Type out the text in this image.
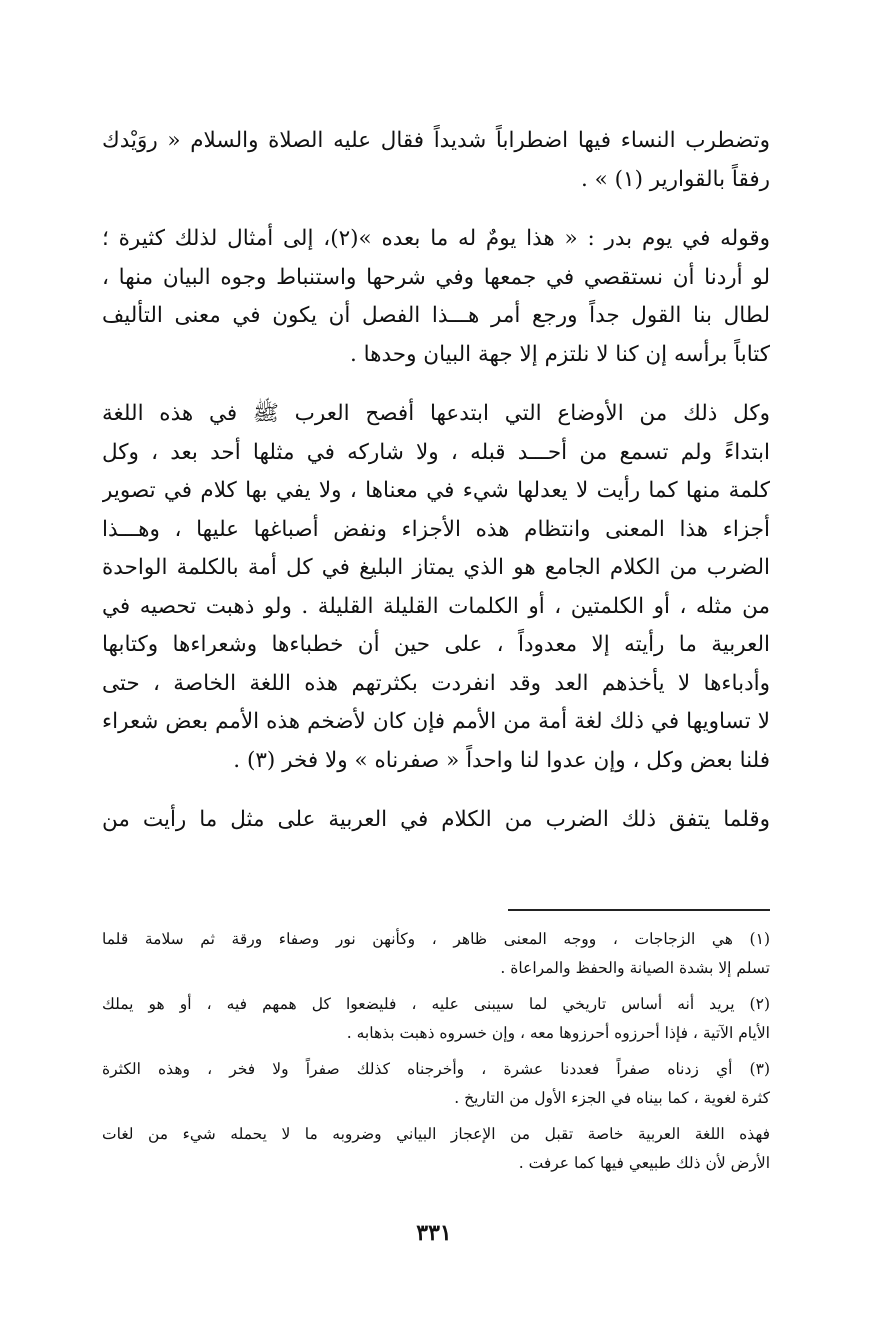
وتضطرب النساء فيها اضطراباً شديداً فقال عليه الصلاة والسلام « روَيْدك
رفقاً بالقوارير (١) » .

وقوله في يوم بدر : « هذا يومٌ له ما بعده »(٢)، إلى أمثال لذلك كثيرة ؛
لو أردنا أن نستقصي في جمعها وفي شرحها واستنباط وجوه البيان منها ،
لطال بنا القول جداً ورجع أمر هـــذا الفصل أن يكون في معنى التأليف
كتاباً برأسه إن كنا لا نلتزم إلا جهة البيان وحدها .

وكل ذلك من الأوضاع التي ابتدعها أفصح العرب ﷺ في هذه اللغة
ابتداءً ولم تسمع من أحـــد قبله ، ولا شاركه في مثلها أحد بعد ، وكل
كلمة منها كما رأيت لا يعدلها شيء في معناها ، ولا يفي بها كلام في تصوير
أجزاء هذا المعنى وانتظام هذه الأجزاء ونفض أصباغها عليها ، وهـــذا
الضرب من الكلام الجامع هو الذي يمتاز البليغ في كل أمة بالكلمة الواحدة
من مثله ، أو الكلمتين ، أو الكلمات القليلة القليلة . ولو ذهبت تحصيه في
العربية ما رأيته إلا معدوداً ، على حين أن خطباءها وشعراءها وكتابها
وأدباءها لا يأخذهم العد وقد انفردت بكثرتهم هذه اللغة الخاصة ، حتى
لا تساويها في ذلك لغة أمة من الأمم فإن كان لأضخم هذه الأمم بعض شعراء
فلنا بعض وكل ، وإن عدوا لنا واحداً « صفرناه » ولا فخر (٣) .

وقلما يتفق ذلك الضرب من الكلام في العربية على مثل ما رأيت من

(١) هي الزجاجات ، ووجه المعنى ظاهر ، وكأنهن نور وصفاء ورقة ثم سلامة قلما
تسلم إلا بشدة الصيانة والحفظ والمراعاة .

(٢) يريد أنه أساس تاريخي لما سيبنى عليه ، فليضعوا كل همهم فيه ، أو هو يملك
الأيام الآتية ، فإذا أحرزوه أحرزوها معه ، وإن خسروه ذهبت بذهابه .

(٣) أي زدناه صفراً فعددنا عشرة ، وأخرجناه كذلك صفراً ولا فخر ، وهذه الكثرة
كثرة لغوية ، كما بيناه في الجزء الأول من التاريخ .

فهذه اللغة العربية خاصة تقبل من الإعجاز البياني وضروبه ما لا يحمله شيء من لغات
الأرض لأن ذلك طبيعي فيها كما عرفت .

٣٣١
